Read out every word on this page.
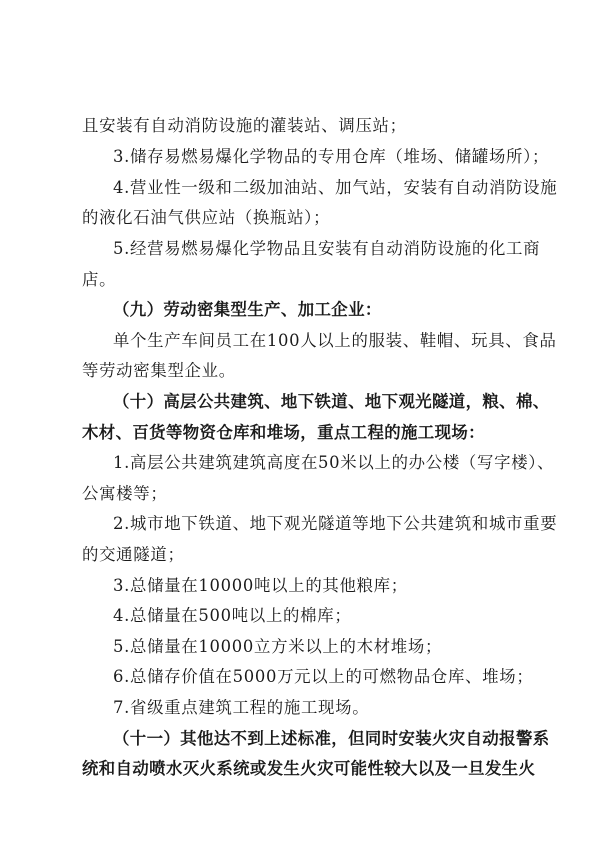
且安装有自动消防设施的灌装站、调压站；
3.储存易燃易爆化学物品的专用仓库（堆场、储罐场所）；
4.营业性一级和二级加油站、加气站，安装有自动消防设施
的液化石油气供应站（换瓶站）；
5.经营易燃易爆化学物品且安装有自动消防设施的化工商
店。
（九）劳动密集型生产、加工企业：
单个生产车间员工在100人以上的服装、鞋帽、玩具、食品
等劳动密集型企业。
（十）高层公共建筑、地下铁道、地下观光隧道，粮、棉、
木材、百货等物资仓库和堆场，重点工程的施工现场：
1.高层公共建筑建筑高度在50米以上的办公楼（写字楼）、
公寓楼等；
2.城市地下铁道、地下观光隧道等地下公共建筑和城市重要
的交通隧道；
3.总储量在10000吨以上的其他粮库；
4.总储量在500吨以上的棉库；
5.总储量在10000立方米以上的木材堆场；
6.总储存价值在5000万元以上的可燃物品仓库、堆场；
7.省级重点建筑工程的施工现场。
（十一）其他达不到上述标准，但同时安装火灾自动报警系
统和自动喷水灭火系统或发生火灾可能性较大以及一旦发生火
